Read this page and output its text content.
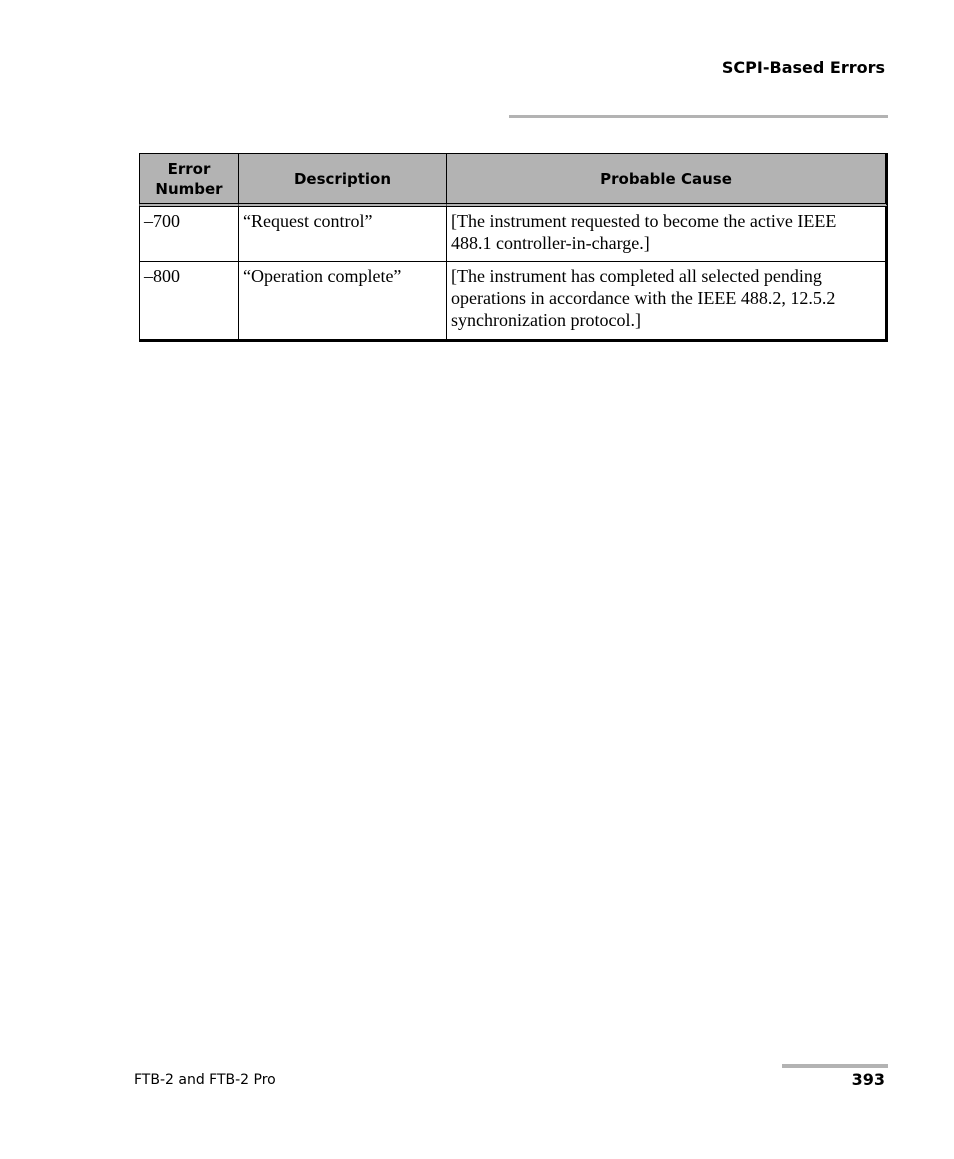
SCPI-Based Errors
Error
Number	Description	Probable Cause
–700	“Request control”	[The instrument requested to become the active IEEE 488.1 controller-in-charge.]
–800	“Operation complete”	[The instrument has completed all selected pending operations in accordance with the IEEE 488.2, 12.5.2 synchronization protocol.]
FTB-2 and FTB-2 Pro	393
